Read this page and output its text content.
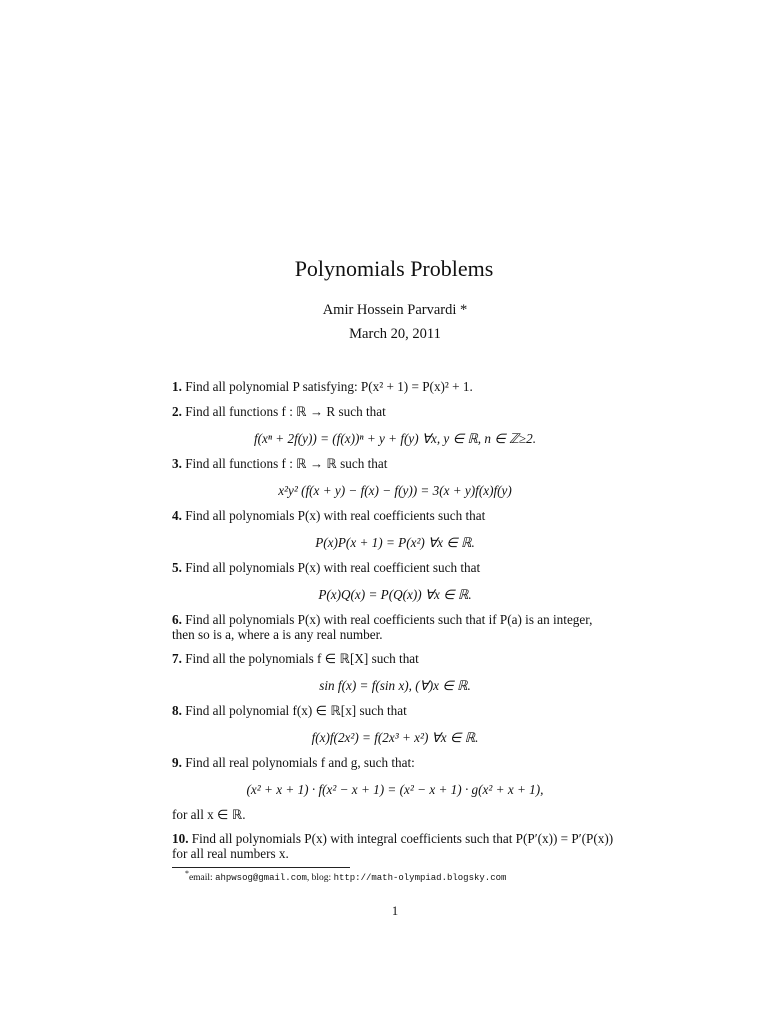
Polynomials Problems
Amir Hossein Parvardi *
March 20, 2011
1. Find all polynomial P satisfying: P(x² + 1) = P(x)² + 1.
2. Find all functions f : ℝ → R such that
f(xⁿ + 2f(y)) = (f(x))ⁿ + y + f(y) ∀x, y ∈ ℝ, n ∈ ℤ≥2.
3. Find all functions f : ℝ → ℝ such that
x²y² (f(x + y) − f(x) − f(y)) = 3(x + y)f(x)f(y)
4. Find all polynomials P(x) with real coefficients such that
P(x)P(x + 1) = P(x²) ∀x ∈ ℝ.
5. Find all polynomials P(x) with real coefficient such that
P(x)Q(x) = P(Q(x)) ∀x ∈ ℝ.
6. Find all polynomials P(x) with real coefficients such that if P(a) is an integer, then so is a, where a is any real number.
7. Find all the polynomials f ∈ ℝ[X] such that
sin f(x) = f(sin x), (∀)x ∈ ℝ.
8. Find all polynomial f(x) ∈ ℝ[x] such that
f(x)f(2x²) = f(2x³ + x²) ∀x ∈ ℝ.
9. Find all real polynomials f and g, such that:
(x² + x + 1) · f(x² − x + 1) = (x² − x + 1) · g(x² + x + 1),
for all x ∈ ℝ.
10. Find all polynomials P(x) with integral coefficients such that P(P′(x)) = P′(P(x)) for all real numbers x.
*email: ahpwsog@gmail.com, blog: http://math-olympiad.blogsky.com
1
